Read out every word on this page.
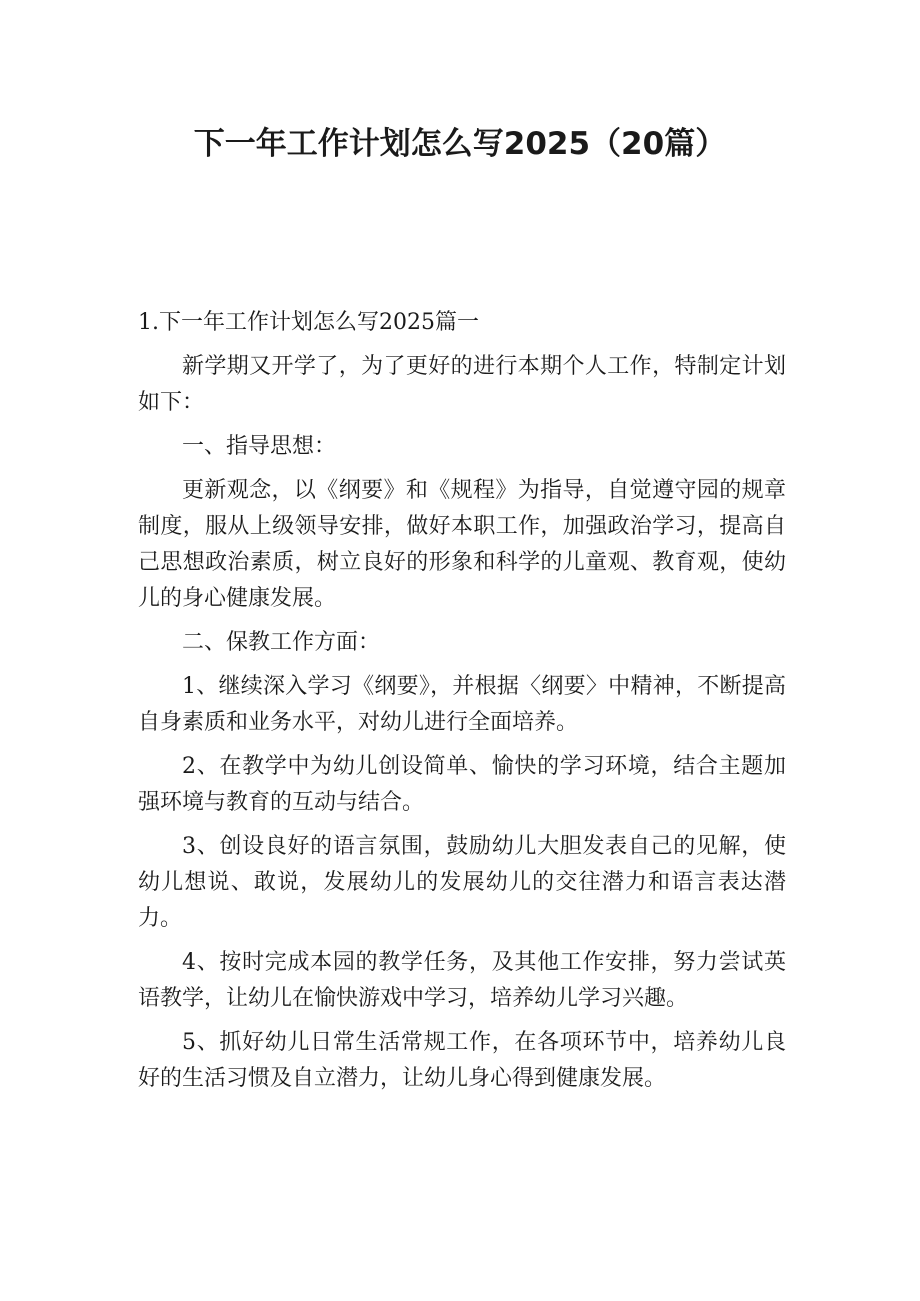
下一年工作计划怎么写2025（20篇）

1.下一年工作计划怎么写2025篇一

新学期又开学了，为了更好的进行本期个人工作，特制定计划如下：

一、指导思想：

更新观念，以《纲要》和《规程》为指导，自觉遵守园的规章制度，服从上级领导安排，做好本职工作，加强政治学习，提高自己思想政治素质，树立良好的形象和科学的儿童观、教育观，使幼儿的身心健康发展。

二、保教工作方面：

1、继续深入学习《纲要》，并根据〈纲要〉中精神，不断提高自身素质和业务水平，对幼儿进行全面培养。

2、在教学中为幼儿创设简单、愉快的学习环境，结合主题加强环境与教育的互动与结合。

3、创设良好的语言氛围，鼓励幼儿大胆发表自己的见解，使幼儿想说、敢说，发展幼儿的发展幼儿的交往潜力和语言表达潜力。

4、按时完成本园的教学任务，及其他工作安排，努力尝试英语教学，让幼儿在愉快游戏中学习，培养幼儿学习兴趣。

5、抓好幼儿日常生活常规工作，在各项环节中，培养幼儿良好的生活习惯及自立潜力，让幼儿身心得到健康发展。
